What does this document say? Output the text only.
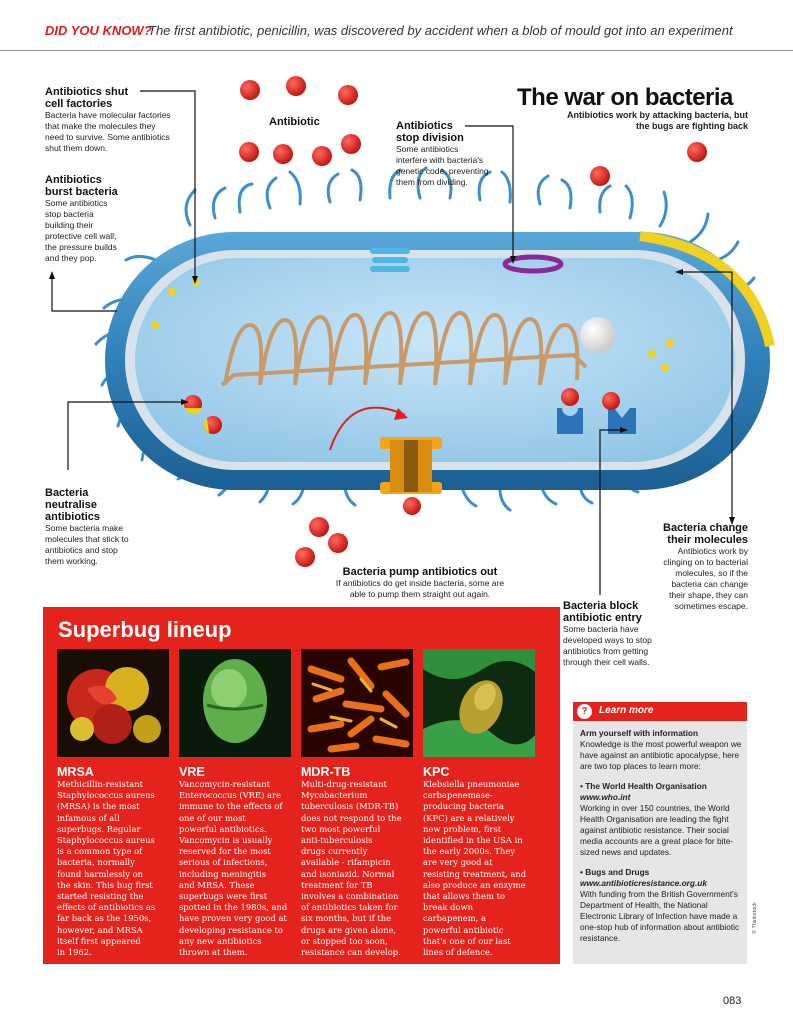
DID YOU KNOW?
The first antibiotic, penicillin, was discovered by accident when a blob of mould got into an experiment
The war on bacteria
Antibiotics work by attacking bacteria, but
the bugs are fighting back
Antibiotic
Antibiotics shut
cell factories
Bacteria have molecular factories
that make the molecules they
need to survive. Some antibiotics
shut them down.
Antibiotics
burst bacteria
Some antibiotics
stop bacteria
building their
protective cell wall;
the pressure builds
and they pop.
Antibiotics
stop division
Some antibiotics
interfere with bacteria's
genetic code, preventing
them from dividing.
Bacteria
neutralise
antibiotics
Some bacteria make
molecules that stick to
antibiotics and stop
them working.
Bacteria pump antibiotics out
If antibiotics do get inside bacteria, some are
able to pump them straight out again.
Bacteria block
antibiotic entry
Some bacteria have
developed ways to stop
antibiotics from getting
through their cell walls.
Bacteria change
their molecules
Antibiotics work by
clinging on to bacterial
molecules, so if the
bacteria can change
their shape, they can
sometimes escape.
Superbug lineup
MRSA
Methicillin-resistant
Staphylococcus aureus
(MRSA) is the most
infamous of all
superbugs. Regular
Staphylococcus aureus
is a common type of
bacteria, normally
found harmlessly on
the skin. This bug first
started resisting the
effects of antibiotics as
far back as the 1950s,
however, and MRSA
itself first appeared
in 1962.
VRE
Vancomycin-resistant
Enterococcus (VRE) are
immune to the effects of
one of our most
powerful antibiotics.
Vancomycin is usually
reserved for the most
serious of infections,
including meningitis
and MRSA. These
superbugs were first
spotted in the 1980s, and
have proven very good at
developing resistance to
any new antibiotics
thrown at them.
MDR-TB
Multi-drug-resistant
Mycobacterium
tuberculosis (MDR-TB)
does not respond to the
two most powerful
anti-tuberculosis
drugs currently
available - rifampicin
and isoniazid. Normal
treatment for TB
involves a combination
of antibiotics taken for
six months, but if the
drugs are given alone,
or stopped too soon,
resistance can develop.
KPC
Klebsiella pneumoniae
carbapenemase-
producing bacteria
(KPC) are a relatively
new problem, first
identified in the USA in
the early 2000s. They
are very good at
resisting treatment, and
also produce an enzyme
that allows them to
break down
carbapenem, a
powerful antibiotic
that's one of our last
lines of defence.
?	Learn more

Arm yourself with information
Knowledge is the most powerful weapon we have against an antibiotic apocalypse, here are two top places to learn more:

• The World Health Organisation
www.who.int
Working in over 150 countries, the World Health Organisation are leading the fight against antibiotic resistance. Their social media accounts are a great place for bite-sized news and updates.

• Bugs and Drugs
www.antibioticresistance.org.uk
With funding from the British Government's Department of Health, the National Electronic Library of Infection have made a one-stop hub of information about antibiotic resistance.

© Thinkstock
083
